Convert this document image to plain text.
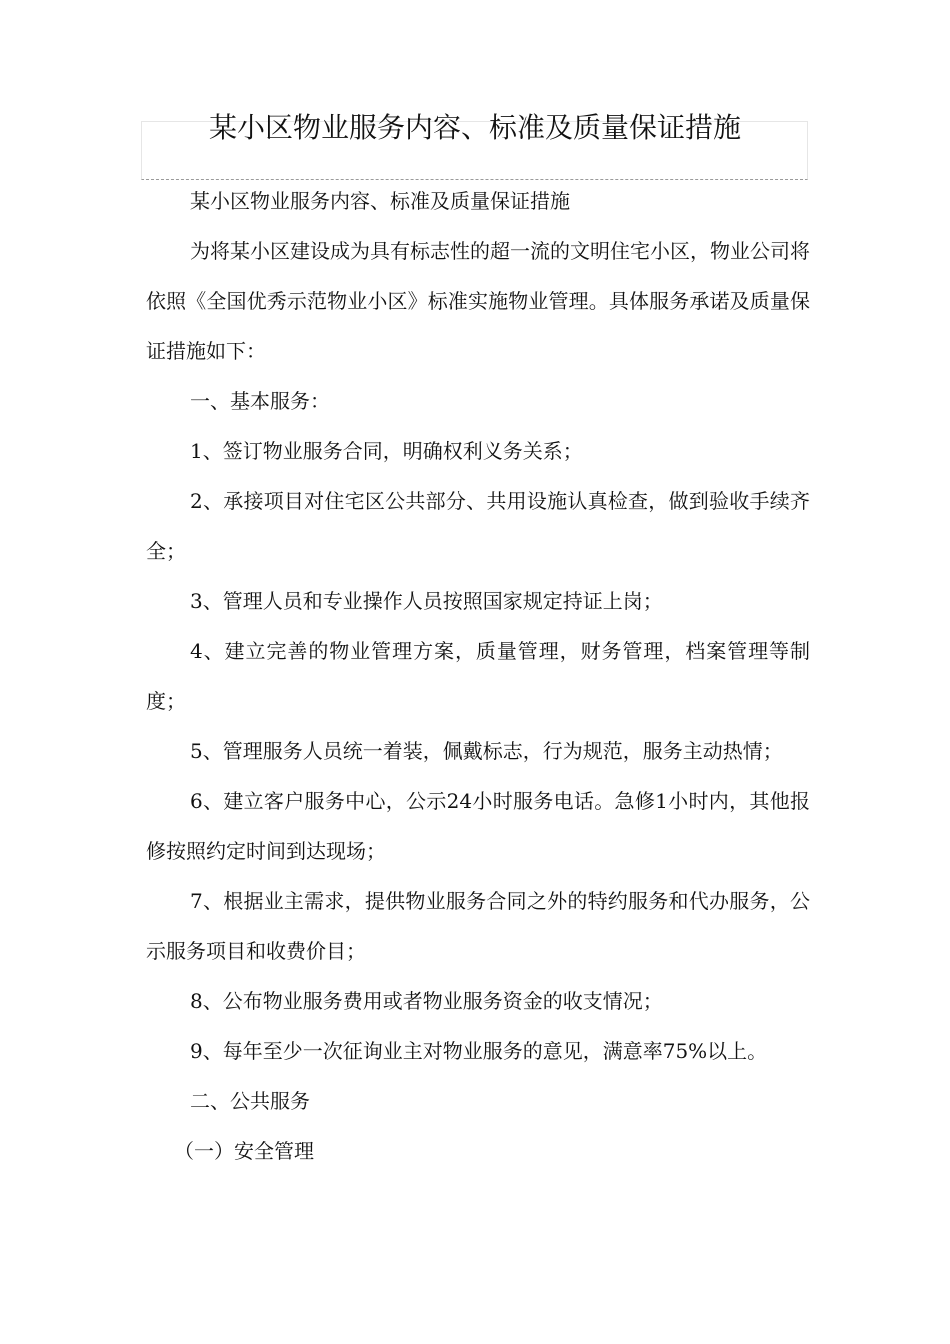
某小区物业服务内容、标准及质量保证措施

某小区物业服务内容、标准及质量保证措施

为将某小区建设成为具有标志性的超一流的文明住宅小区，物业公司将依照《全国优秀示范物业小区》标准实施物业管理。具体服务承诺及质量保证措施如下：

一、基本服务：

1、签订物业服务合同，明确权利义务关系；

2、承接项目对住宅区公共部分、共用设施认真检查，做到验收手续齐全；

3、管理人员和专业操作人员按照国家规定持证上岗；

4、建立完善的物业管理方案，质量管理，财务管理，档案管理等制度；

5、管理服务人员统一着装，佩戴标志，行为规范，服务主动热情；

6、建立客户服务中心，公示24小时服务电话。急修1小时内，其他报修按照约定时间到达现场；

7、根据业主需求，提供物业服务合同之外的特约服务和代办服务，公示服务项目和收费价目；

8、公布物业服务费用或者物业服务资金的收支情况；

9、每年至少一次征询业主对物业服务的意见，满意率75%以上。

二、公共服务

（一）安全管理
